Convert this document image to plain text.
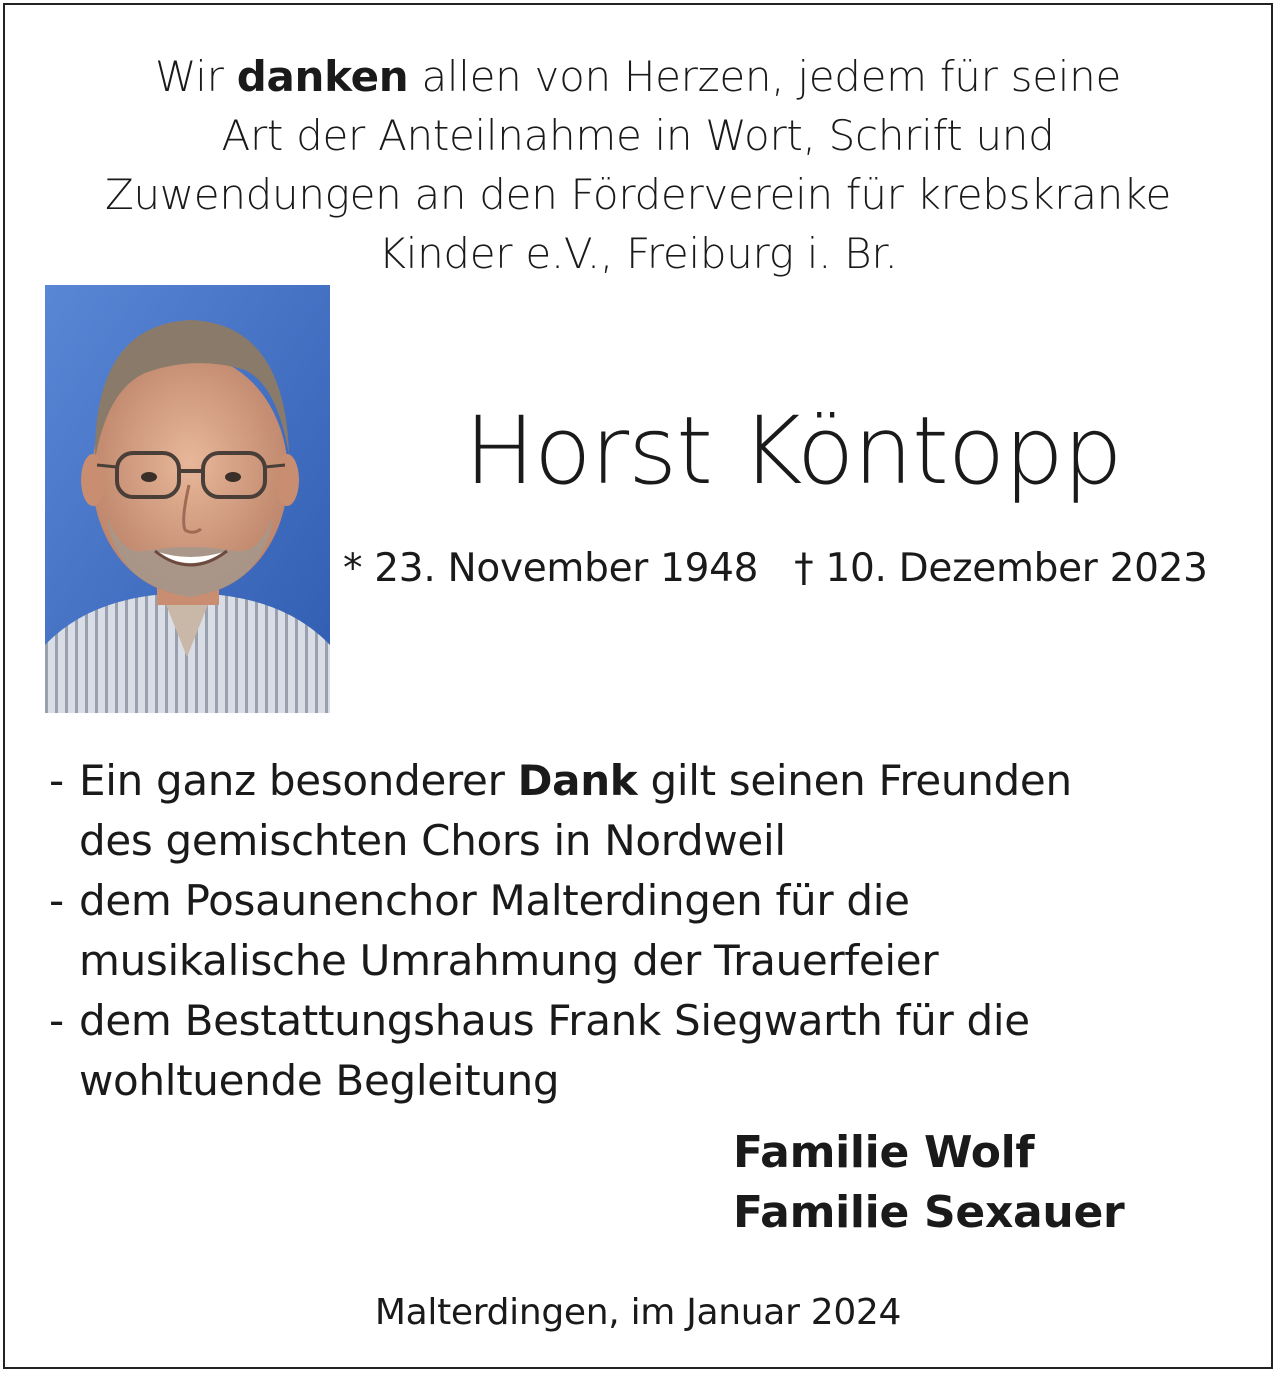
Wir danken allen von Herzen, jedem für seine
Art der Anteilnahme in Wort, Schrift und
Zuwendungen an den Förderverein für krebskranke
Kinder e.V., Freiburg i. Br.
Horst Köntopp
* 23. November 1948 † 10. Dezember 2023
- Ein ganz besonderer Dank gilt seinen Freunden
des gemischten Chors in Nordweil
- dem Posaunenchor Malterdingen für die
musikalische Umrahmung der Trauerfeier
- dem Bestattungshaus Frank Siegwarth für die
wohltuende Begleitung
Familie Wolf
Familie Sexauer
Malterdingen, im Januar 2024
